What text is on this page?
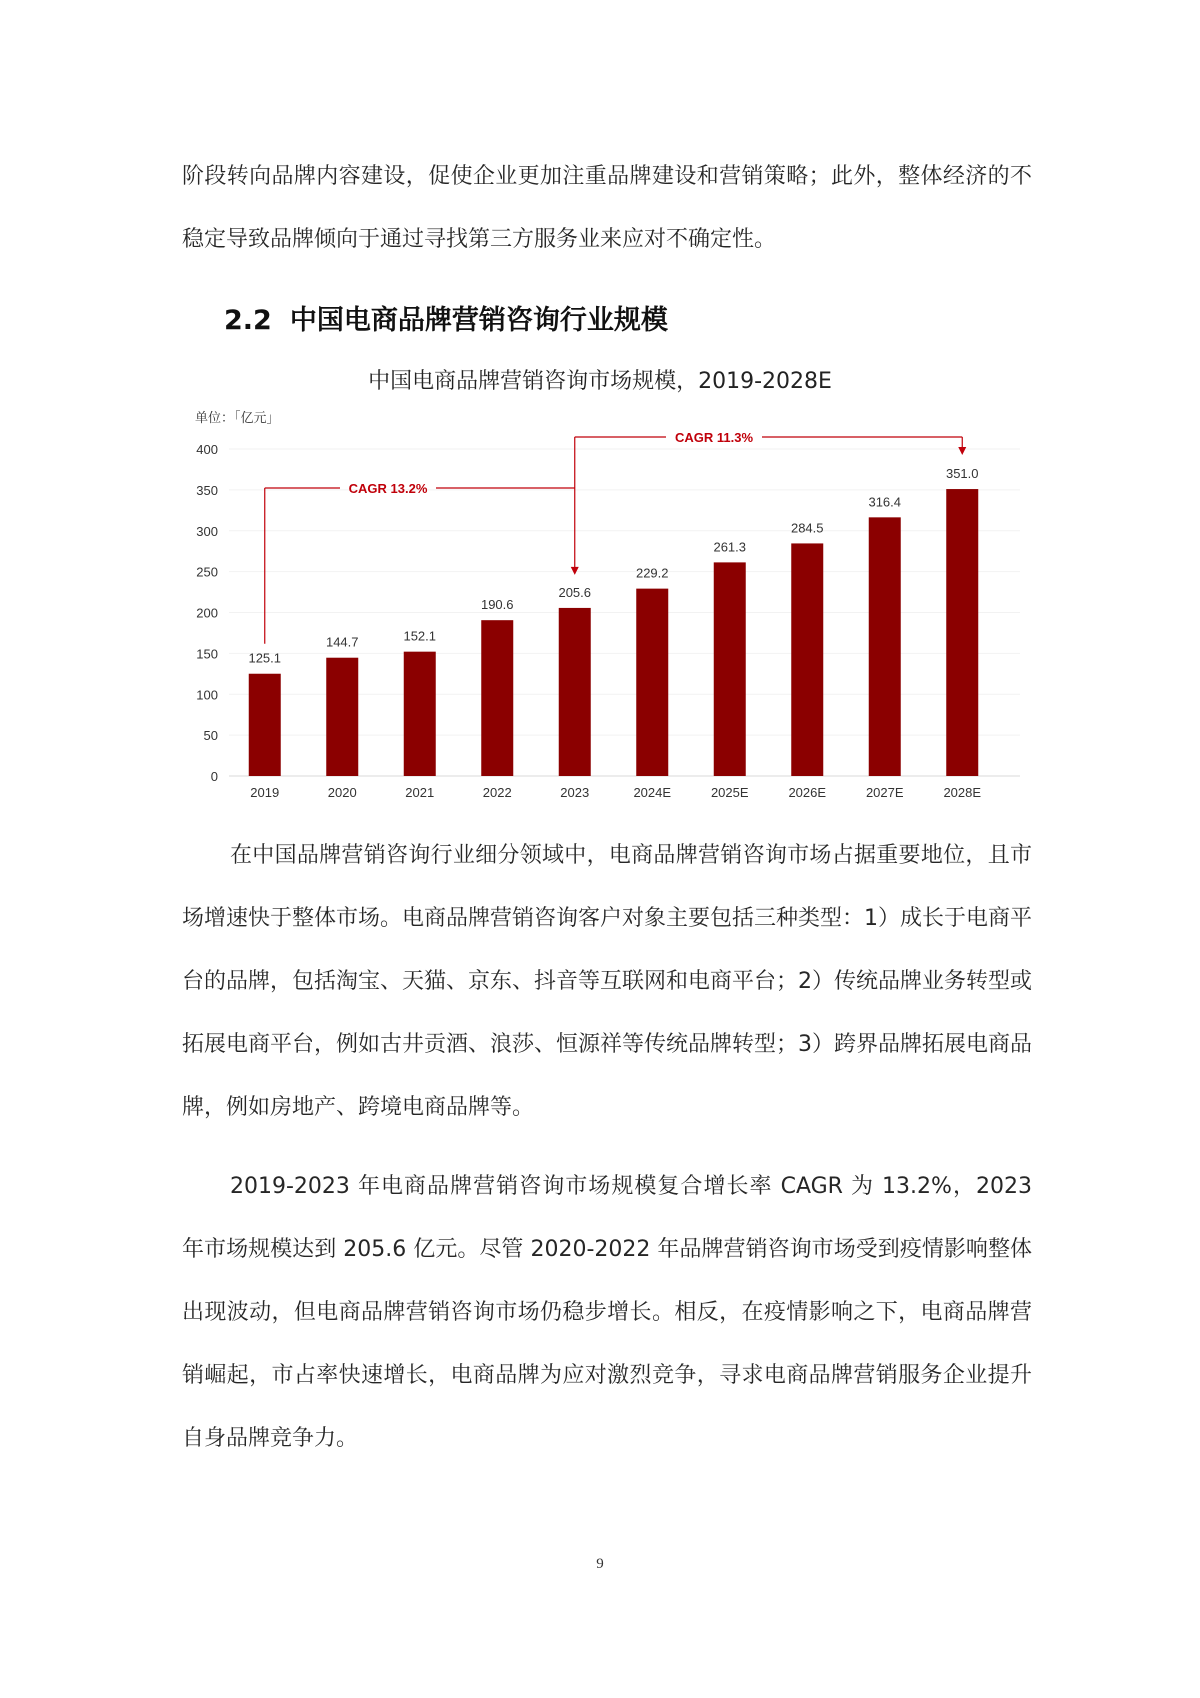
阶段转向品牌内容建设，促使企业更加注重品牌建设和营销策略；此外，整体经济的不稳定导致品牌倾向于通过寻找第三方服务业来应对不确定性。

2.2 中国电商品牌营销咨询行业规模
中国电商品牌营销咨询市场规模，2019-2028E
单位：「亿元」
0
50
100
150
200
250
300
350
400
125.1
2019
144.7
2020
152.1
2021
190.6
2022
205.6
2023
229.2
2024E
261.3
2025E
284.5
2026E
316.4
2027E
351.0
2028E
CAGR 13.2%
CAGR 11.3%

在中国品牌营销咨询行业细分领域中，电商品牌营销咨询市场占据重要地位，且市场增速快于整体市场。电商品牌营销咨询客户对象主要包括三种类型：1）成长于电商平台的品牌，包括淘宝、天猫、京东、抖音等互联网和电商平台；2）传统品牌业务转型或拓展电商平台，例如古井贡酒、浪莎、恒源祥等传统品牌转型；3）跨界品牌拓展电商品牌，例如房地产、跨境电商品牌等。

2019-2023 年电商品牌营销咨询市场规模复合增长率 CAGR 为 13.2%，2023 年市场规模达到 205.6 亿元。尽管 2020-2022 年品牌营销咨询市场受到疫情影响整体出现波动，但电商品牌营销咨询市场仍稳步增长。相反，在疫情影响之下，电商品牌营销崛起，市占率快速增长，电商品牌为应对激烈竞争，寻求电商品牌营销服务企业提升自身品牌竞争力。

9
